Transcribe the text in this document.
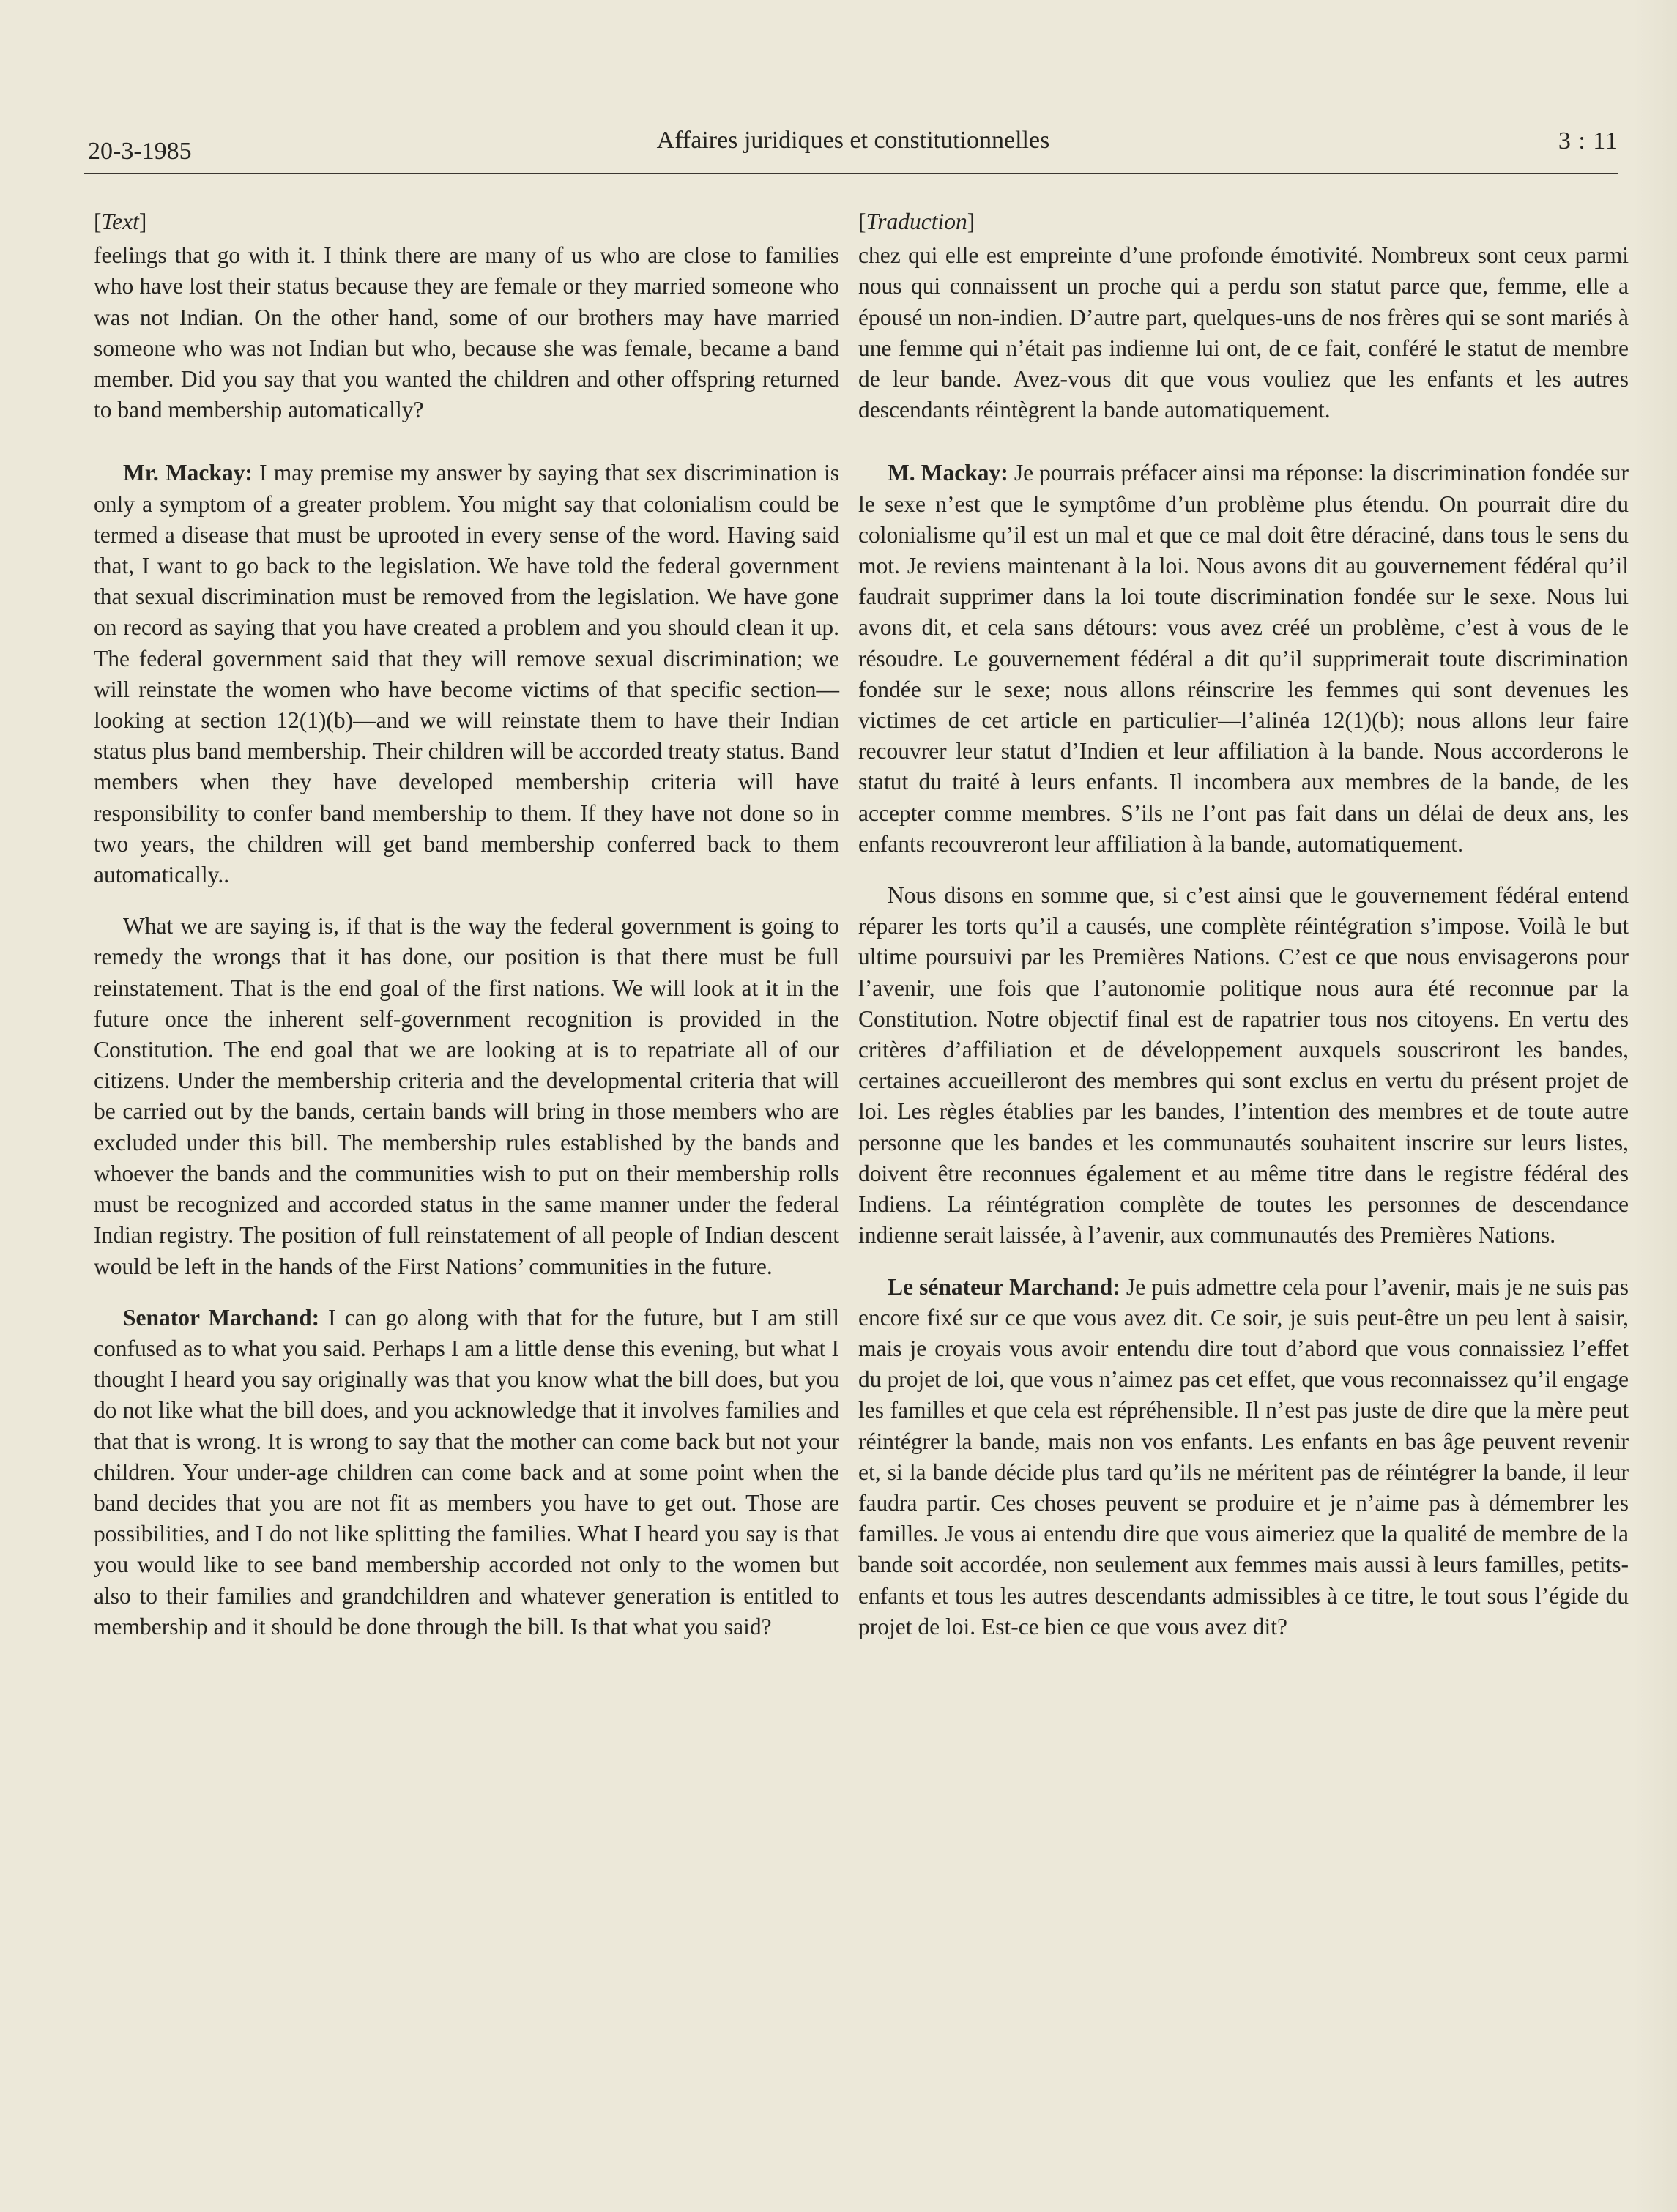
20-3-1985	Affaires juridiques et constitutionnelles	3 : 11
[Text]

feelings that go with it. I think there are many of us who are close to families who have lost their status because they are female or they married someone who was not Indian. On the other hand, some of our brothers may have married someone who was not Indian but who, because she was female, became a band member. Did you say that you wanted the children and other offspring returned to band membership automatically?

Mr. Mackay: I may premise my answer by saying that sex discrimination is only a symptom of a greater problem. You might say that colonialism could be termed a disease that must be uprooted in every sense of the word. Having said that, I want to go back to the legislation. We have told the federal government that sexual discrimination must be removed from the legislation. We have gone on record as saying that you have created a problem and you should clean it up. The federal government said that they will remove sexual discrimination; we will reinstate the women who have become victims of that specific section—looking at section 12(1)(b)—and we will reinstate them to have their Indian status plus band membership. Their children will be accorded treaty status. Band members when they have developed membership criteria will have responsibility to confer band membership to them. If they have not done so in two years, the children will get band membership conferred back to them automatically..

What we are saying is, if that is the way the federal government is going to remedy the wrongs that it has done, our position is that there must be full reinstatement. That is the end goal of the first nations. We will look at it in the future once the inherent self-government recognition is provided in the Constitution. The end goal that we are looking at is to repatriate all of our citizens. Under the membership criteria and the developmental criteria that will be carried out by the bands, certain bands will bring in those members who are excluded under this bill. The membership rules established by the bands and whoever the bands and the communities wish to put on their membership rolls must be recognized and accorded status in the same manner under the federal Indian registry. The position of full reinstatement of all people of Indian descent would be left in the hands of the First Nations’ communities in the future.

Senator Marchand: I can go along with that for the future, but I am still confused as to what you said. Perhaps I am a little dense this evening, but what I thought I heard you say originally was that you know what the bill does, but you do not like what the bill does, and you acknowledge that it involves families and that that is wrong. It is wrong to say that the mother can come back but not your children. Your under-age children can come back and at some point when the band decides that you are not fit as members you have to get out. Those are possibilities, and I do not like splitting the families. What I heard you say is that you would like to see band membership accorded not only to the women but also to their families and grandchildren and whatever generation is entitled to membership and it should be done through the bill. Is that what you said?

[Traduction]

chez qui elle est empreinte d’une profonde émotivité. Nombreux sont ceux parmi nous qui connaissent un proche qui a perdu son statut parce que, femme, elle a épousé un non-indien. D’autre part, quelques-uns de nos frères qui se sont mariés à une femme qui n’était pas indienne lui ont, de ce fait, conféré le statut de membre de leur bande. Avez-vous dit que vous vouliez que les enfants et les autres descendants réintègrent la bande automatiquement.

M. Mackay: Je pourrais préfacer ainsi ma réponse: la discrimination fondée sur le sexe n’est que le symptôme d’un problème plus étendu. On pourrait dire du colonialisme qu’il est un mal et que ce mal doit être déraciné, dans tous le sens du mot. Je reviens maintenant à la loi. Nous avons dit au gouvernement fédéral qu’il faudrait supprimer dans la loi toute discrimination fondée sur le sexe. Nous lui avons dit, et cela sans détours: vous avez créé un problème, c’est à vous de le résoudre. Le gouvernement fédéral a dit qu’il supprimerait toute discrimination fondée sur le sexe; nous allons réinscrire les femmes qui sont devenues les victimes de cet article en particulier—l’alinéa 12(1)(b); nous allons leur faire recouvrer leur statut d’Indien et leur affiliation à la bande. Nous accorderons le statut du traité à leurs enfants. Il incombera aux membres de la bande, de les accepter comme membres. S’ils ne l’ont pas fait dans un délai de deux ans, les enfants recouvreront leur affiliation à la bande, automatiquement.

Nous disons en somme que, si c’est ainsi que le gouvernement fédéral entend réparer les torts qu’il a causés, une complète réintégration s’impose. Voilà le but ultime poursuivi par les Premières Nations. C’est ce que nous envisagerons pour l’avenir, une fois que l’autonomie politique nous aura été reconnue par la Constitution. Notre objectif final est de rapatrier tous nos citoyens. En vertu des critères d’affiliation et de développement auxquels souscriront les bandes, certaines accueilleront des membres qui sont exclus en vertu du présent projet de loi. Les règles établies par les bandes, l’intention des membres et de toute autre personne que les bandes et les communautés souhaitent inscrire sur leurs listes, doivent être reconnues également et au même titre dans le registre fédéral des Indiens. La réintégration complète de toutes les personnes de descendance indienne serait laissée, à l’avenir, aux communautés des Premières Nations.

Le sénateur Marchand: Je puis admettre cela pour l’avenir, mais je ne suis pas encore fixé sur ce que vous avez dit. Ce soir, je suis peut-être un peu lent à saisir, mais je croyais vous avoir entendu dire tout d’abord que vous connaissiez l’effet du projet de loi, que vous n’aimez pas cet effet, que vous reconnaissez qu’il engage les familles et que cela est répréhensible. Il n’est pas juste de dire que la mère peut réintégrer la bande, mais non vos enfants. Les enfants en bas âge peuvent revenir et, si la bande décide plus tard qu’ils ne méritent pas de réintégrer la bande, il leur faudra partir. Ces choses peuvent se produire et je n’aime pas à démembrer les familles. Je vous ai entendu dire que vous aimeriez que la qualité de membre de la bande soit accordée, non seulement aux femmes mais aussi à leurs familles, petits-enfants et tous les autres descendants admissibles à ce titre, le tout sous l’égide du projet de loi. Est-ce bien ce que vous avez dit?
